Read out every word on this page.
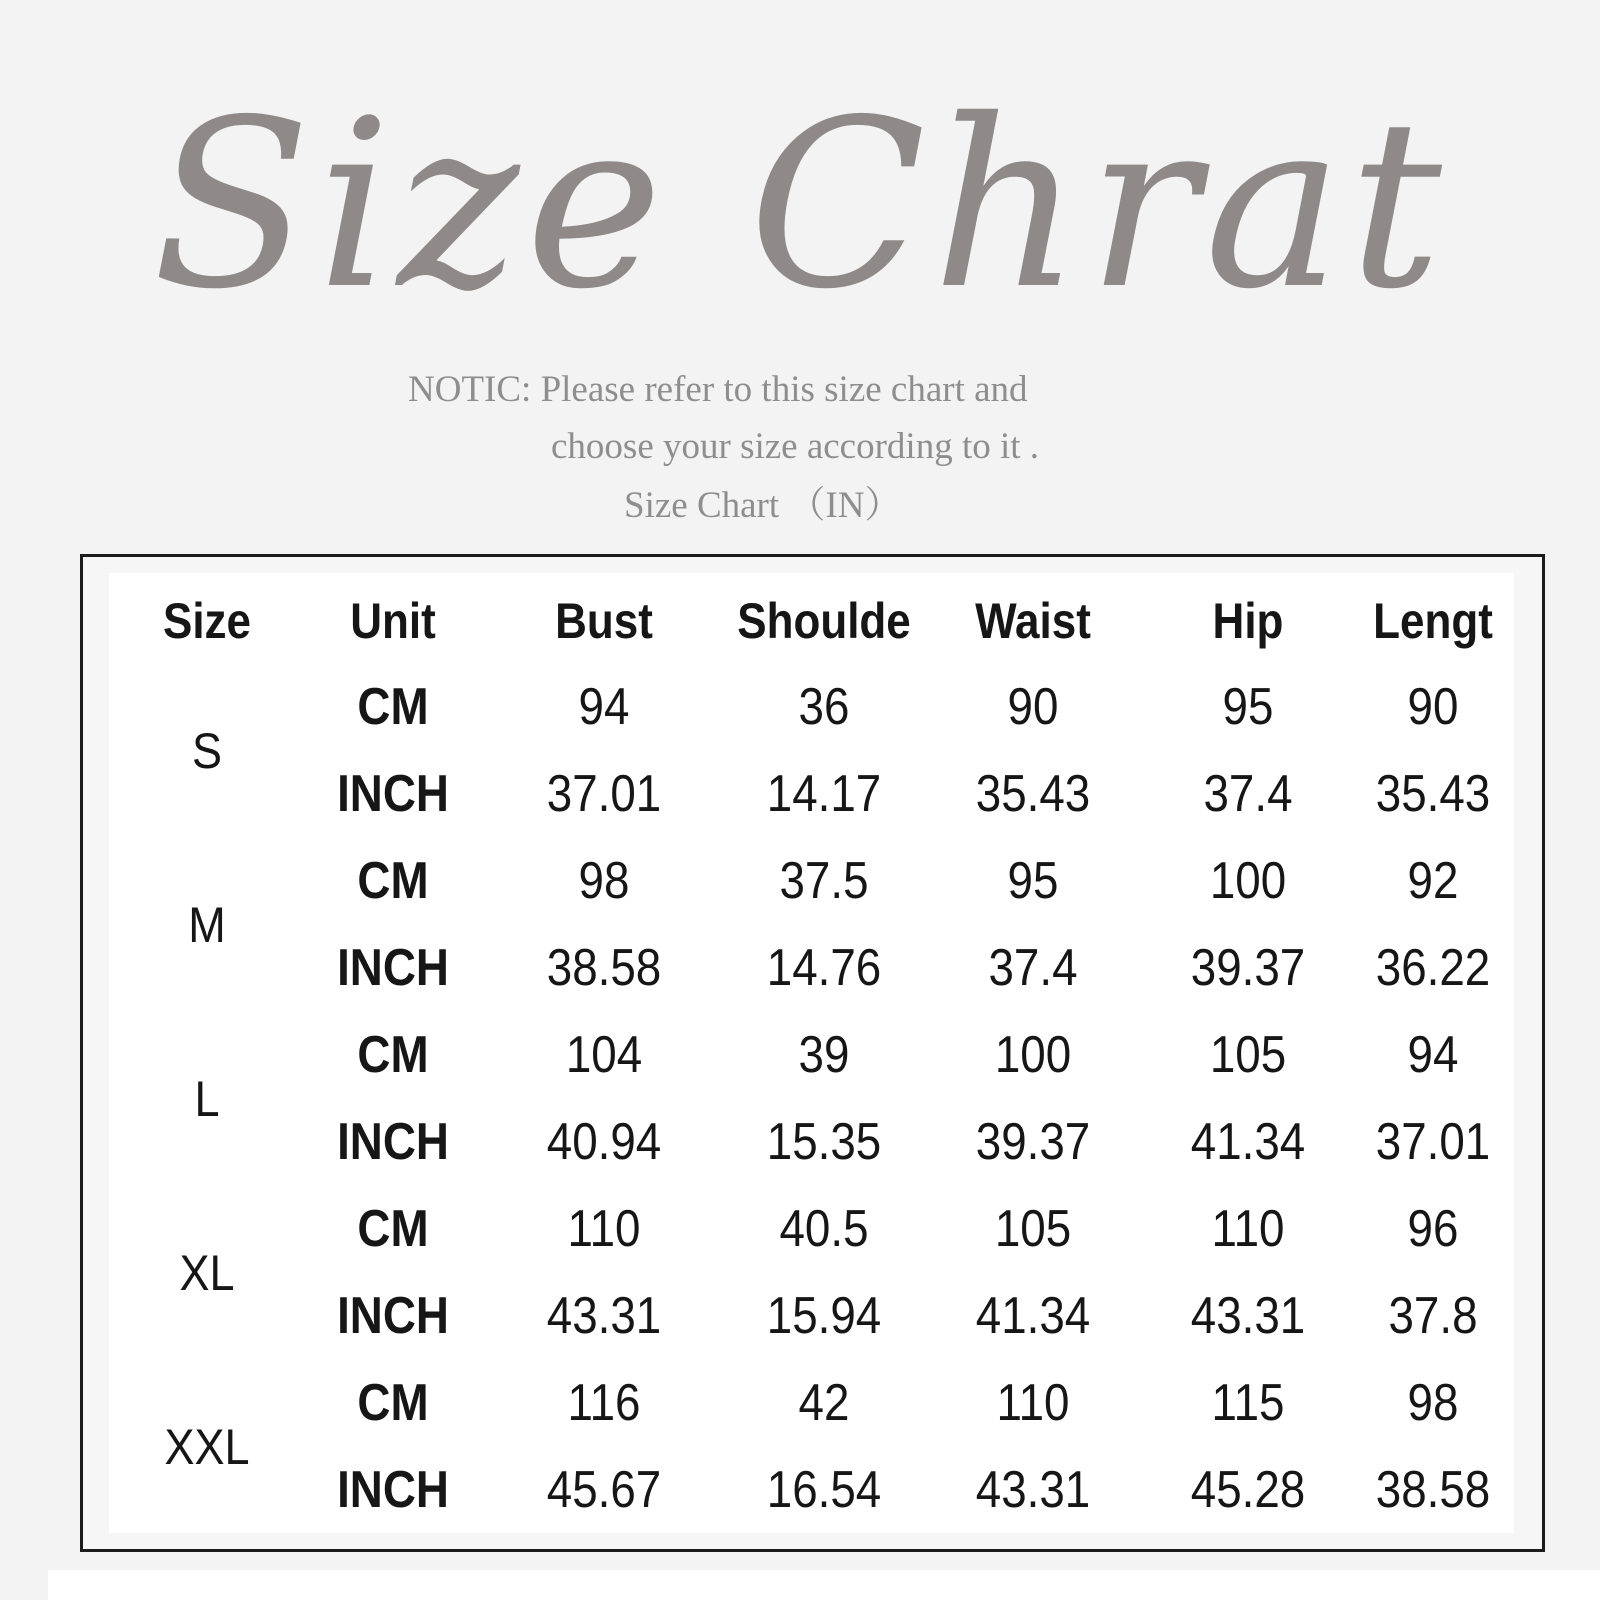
Size Chrat
NOTIC: Please refer to this size chart and
choose your size according to it .
Size Chart （IN）
Size Unit Bust Shoulde Waist Hip Lengt
S
CM	94	36	90	95	90
INCH 37.01 14.17 35.43 37.4 35.43
M
CM	98	37.5	95	100 92
INCH 38.58 14.76 37.4 39.37 36.22
L
CM	104	39	100	105 94
INCH 40.94 15.35 39.37 41.34 37.01
XL
CM	110	40.5 105	110 96
INCH 43.31 15.94 41.34 43.31 37.8
XXL
CM	116	42	110	115 98
INCH 45.67 16.54 43.31 45.28 38.58
